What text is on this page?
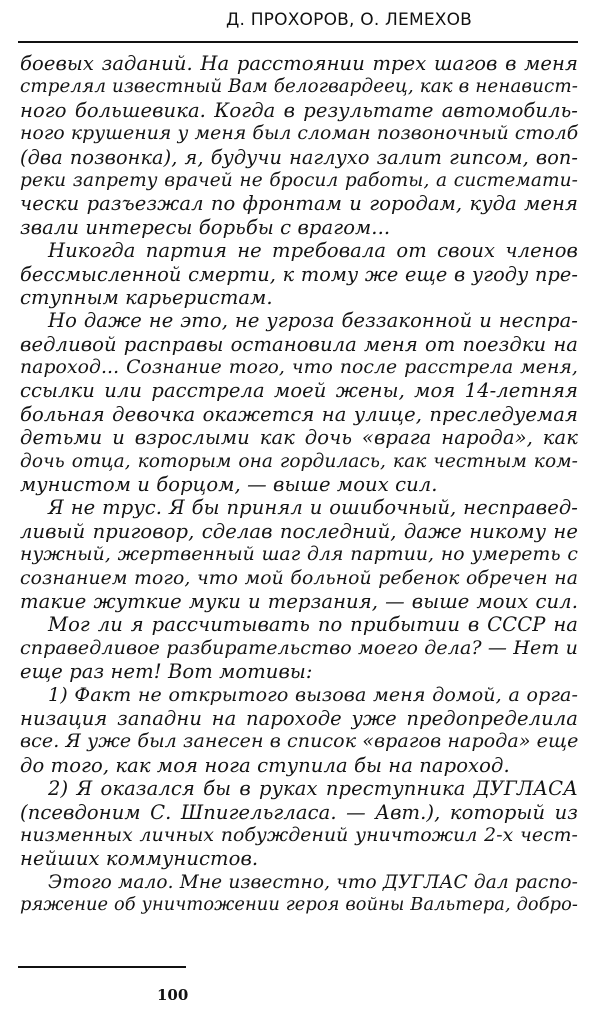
Д. ПРОХОРОВ, О. ЛЕМЕХОВ
боевых заданий. На расстоянии трех шагов в меня
стрелял известный Вам белогвардеец, как в ненавист-
ного большевика. Когда в результате автомобиль-
ного крушения у меня был сломан позвоночный столб
(два позвонка), я, будучи наглухо залит гипсом, воп-
реки запрету врачей не бросил работы, а системати-
чески разъезжал по фронтам и городам, куда меня
звали интересы борьбы с врагом...
Никогда партия не требовала от своих членов
бессмысленной смерти, к тому же еще в угоду пре-
ступным карьеристам.
Но даже не это, не угроза беззаконной и неспра-
ведливой расправы остановила меня от поездки на
пароход... Сознание того, что после расстрела меня,
ссылки или расстрела моей жены, моя 14-летняя
больная девочка окажется на улице, преследуемая
детьми и взрослыми как дочь «врага народа», как
дочь отца, которым она гордилась, как честным ком-
мунистом и борцом, — выше моих сил.
Я не трус. Я бы принял и ошибочный, несправед-
ливый приговор, сделав последний, даже никому не
нужный, жертвенный шаг для партии, но умереть с
сознанием того, что мой больной ребенок обречен на
такие жуткие муки и терзания, — выше моих сил.
Мог ли я рассчитывать по прибытии в СССР на
справедливое разбирательство моего дела? — Нет и
еще раз нет! Вот мотивы:
1) Факт не открытого вызова меня домой, а орга-
низация западни на пароходе уже предопределила
все. Я уже был занесен в список «врагов народа» еще
до того, как моя нога ступила бы на пароход.
2) Я оказался бы в руках преступника ДУГЛАСА
(псевдоним С. Шпигельгласа. — Авт.), который из
низменных личных побуждений уничтожил 2-х чест-
нейших коммунистов.
Этого мало. Мне известно, что ДУГЛАС дал распо-
ряжение об уничтожении героя войны Вальтера, добро-
100
